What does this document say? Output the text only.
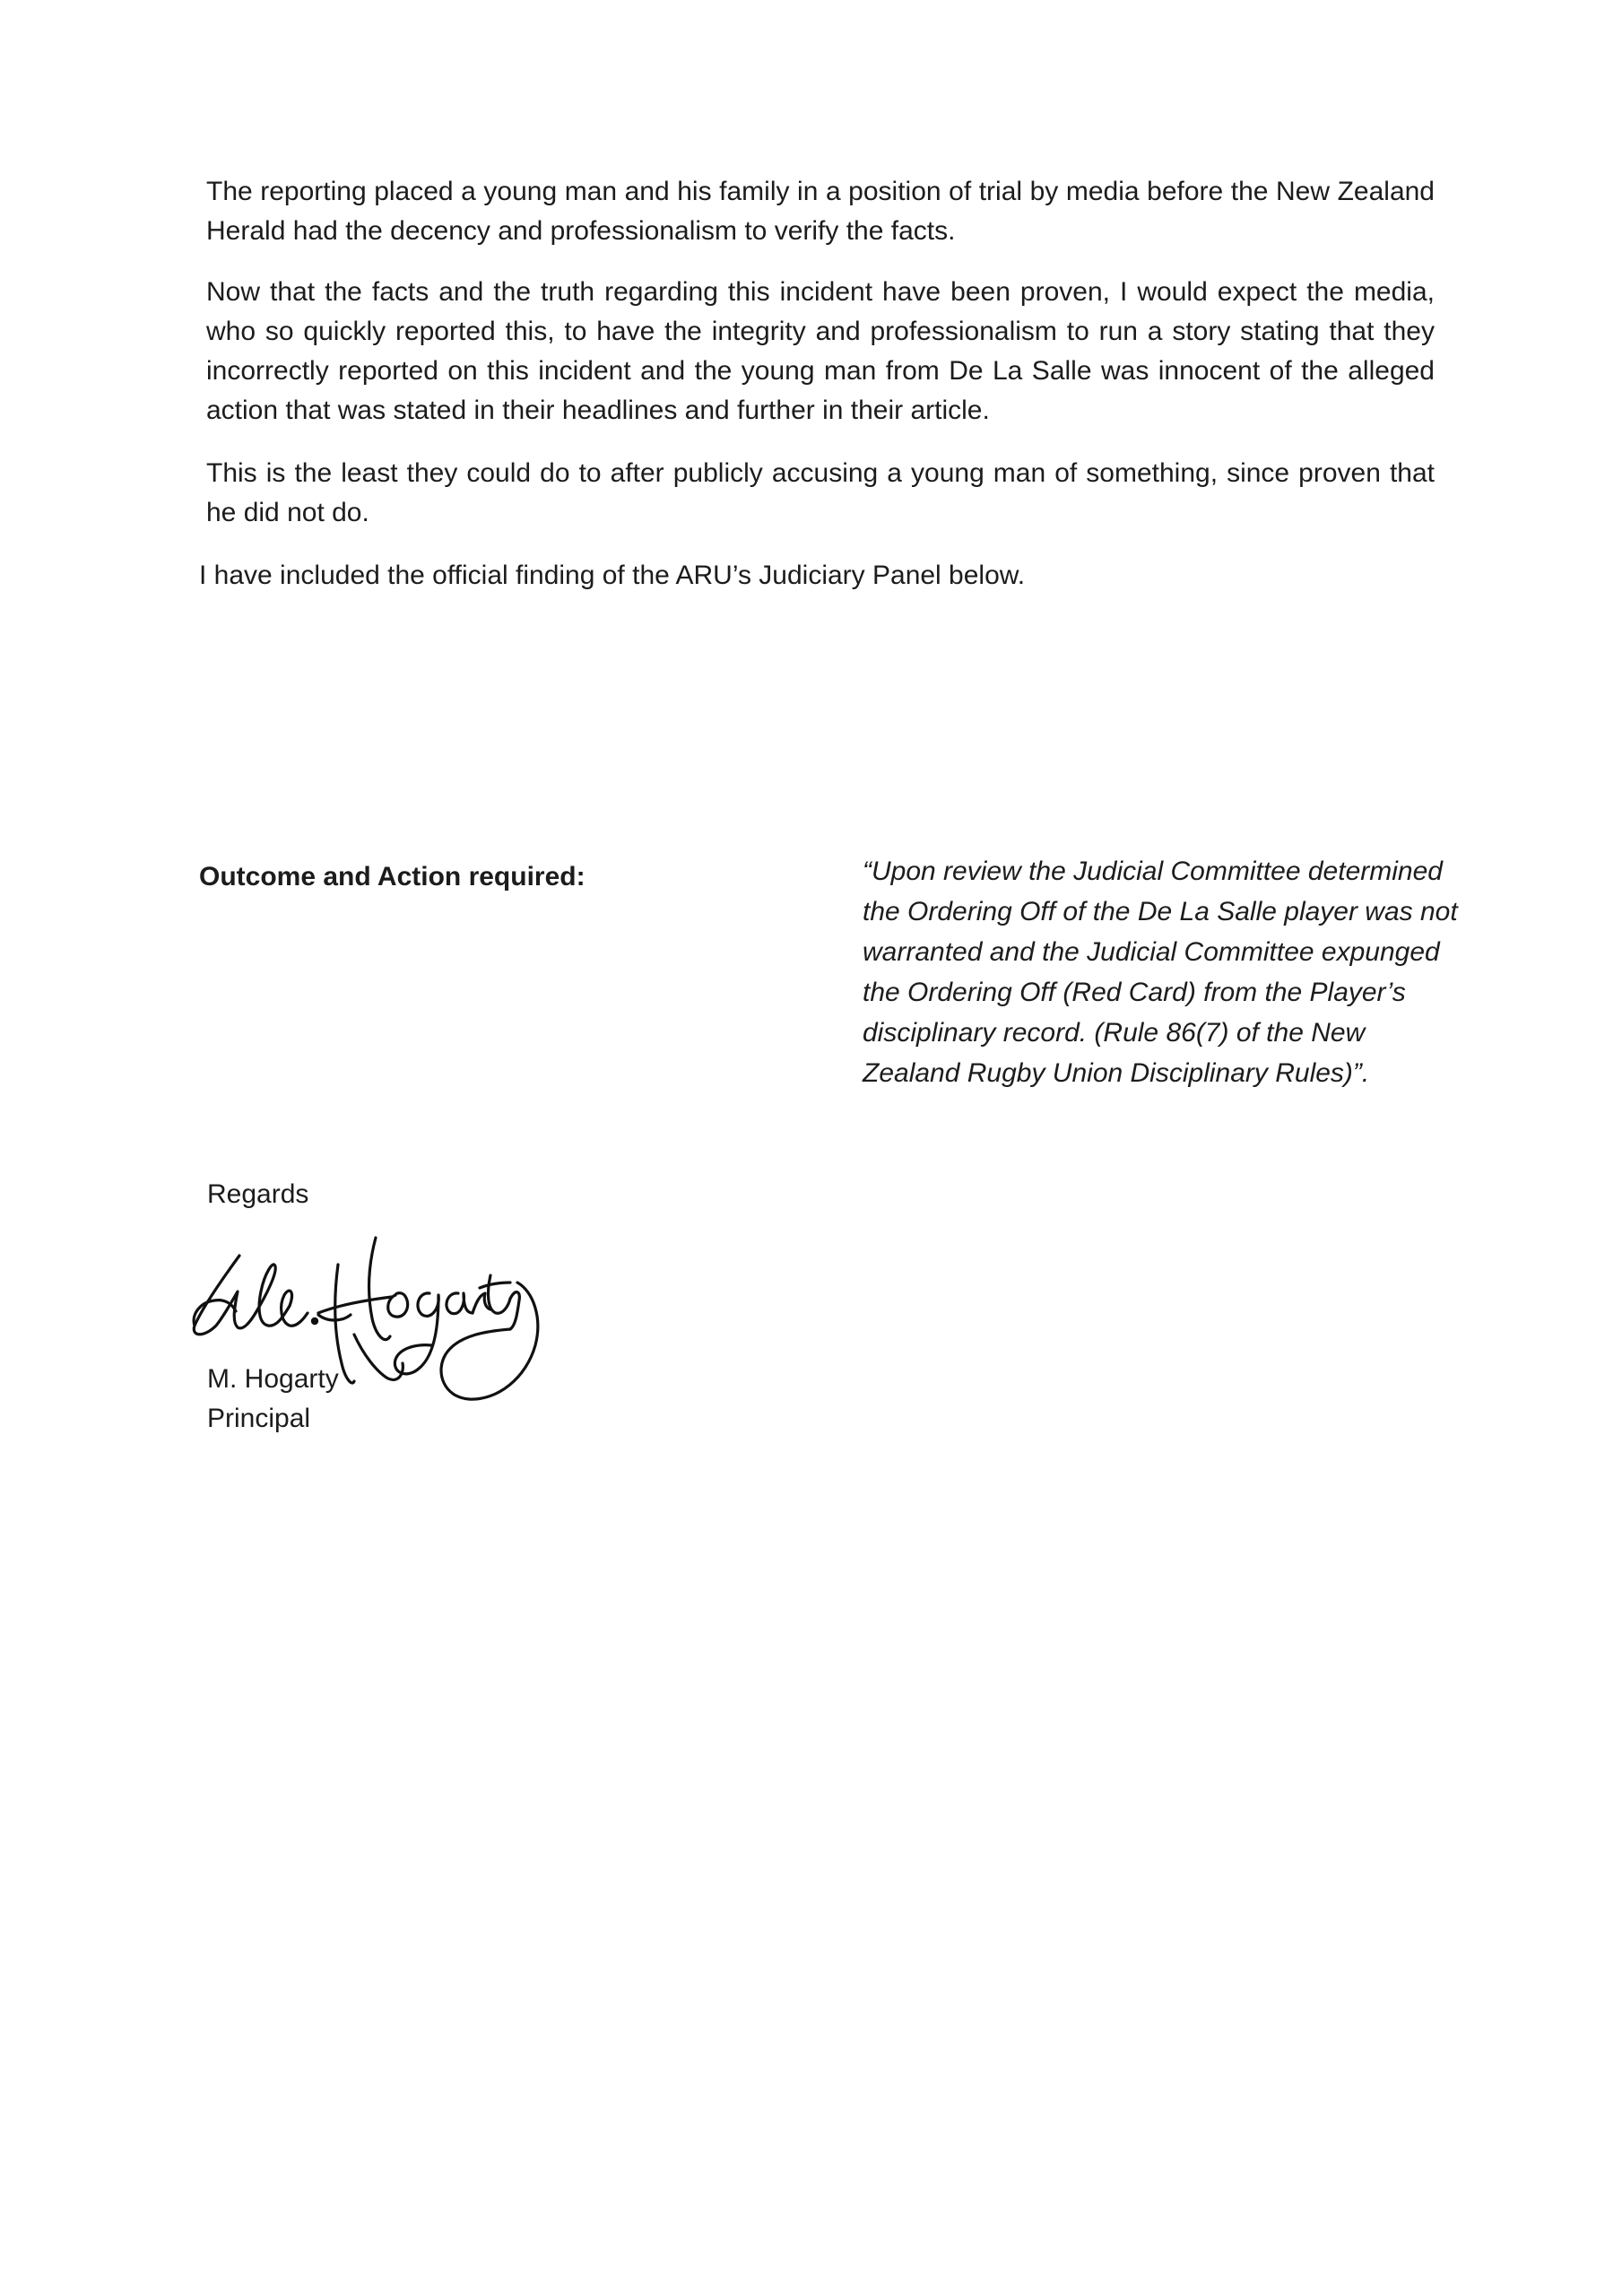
The reporting placed a young man and his family in a position of trial by media before the New Zealand Herald had the decency and professionalism to verify the facts.

Now that the facts and the truth regarding this incident have been proven, I would expect the media, who so quickly reported this, to have the integrity and professionalism to run a story stating that they incorrectly reported on this incident and the young man from De La Salle was innocent of the alleged action that was stated in their headlines and further in their article.

This is the least they could do to after publicly accusing a young man of something, since proven that he did not do.

I have included the official finding of the ARU’s Judiciary Panel below.

Outcome and Action required:	“Upon review the Judicial Committee determined
the Ordering Off of the De La Salle player was not
warranted and the Judicial Committee expunged
the Ordering Off (Red Card) from the Player’s
disciplinary record. (Rule 86(7) of the New
Zealand Rugby Union Disciplinary Rules)”.
Regards
M. Hogarty
Principal
